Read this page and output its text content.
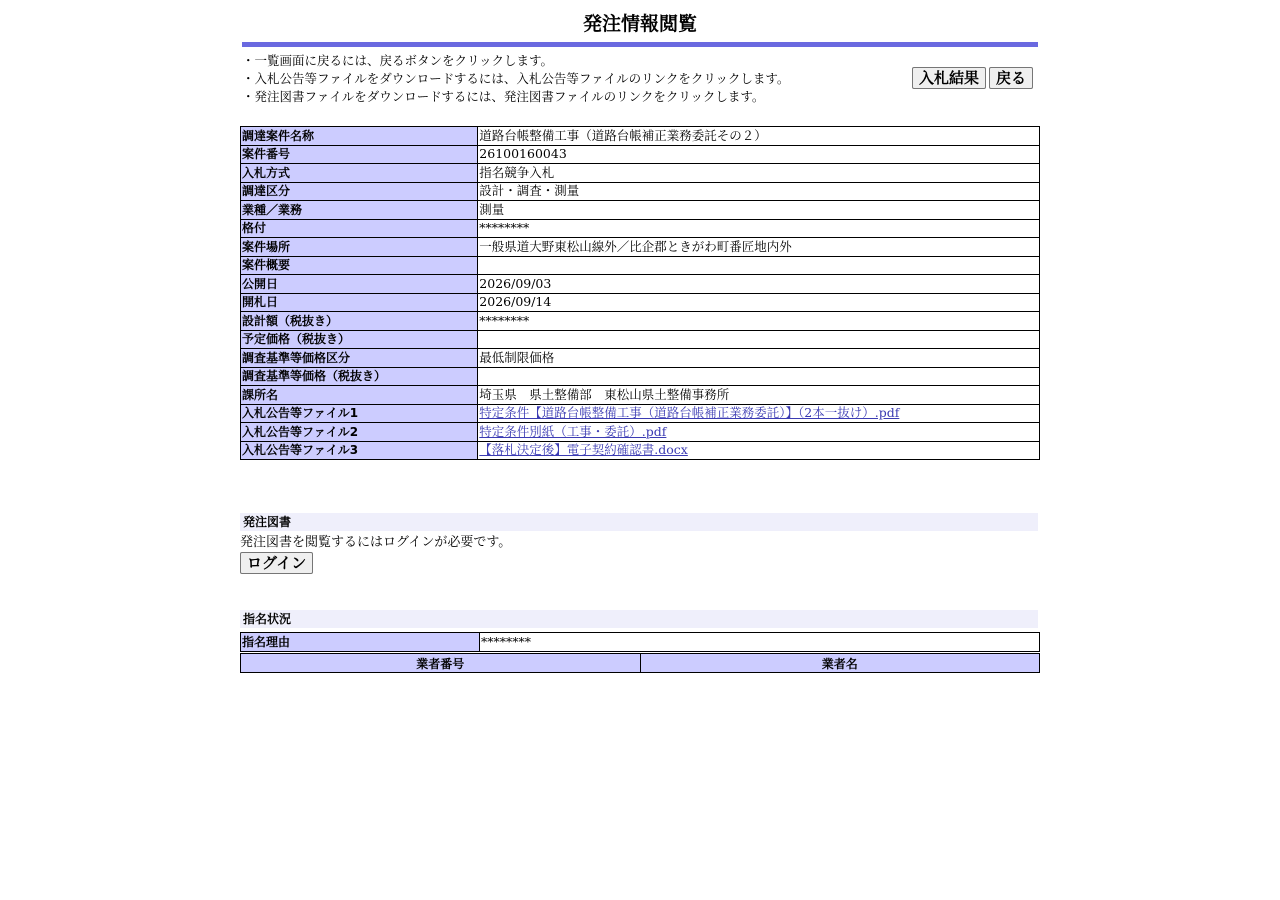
発注情報閲覧
・一覧画面に戻るには、戻るボタンをクリックします。
・入札公告等ファイルをダウンロードするには、入札公告等ファイルのリンクをクリックします。
・発注図書ファイルをダウンロードするには、発注図書ファイルのリンクをクリックします。
入札結果	戻る
調達案件名称	道路台帳整備工事（道路台帳補正業務委託その２）
案件番号	26100160043
入札方式	指名競争入札
調達区分	設計・調査・測量
業種／業務	測量
格付	********
案件場所	一般県道大野東松山線外／比企郡ときがわ町番匠地内外
案件概要	
公開日	2026/09/03
開札日	2026/09/14
設計額（税抜き）	********
予定価格（税抜き）	
調査基準等価格区分	最低制限価格
調査基準等価格（税抜き）	
課所名	埼玉県　県土整備部　東松山県土整備事務所
入札公告等ファイル1	特定条件【道路台帳整備工事（道路台帳補正業務委託）】（2本一抜け）.pdf
入札公告等ファイル2	特定条件別紙（工事・委託）.pdf
入札公告等ファイル3	【落札決定後】電子契約確認書.docx
発注図書
発注図書を閲覧するにはログインが必要です。
ログイン
指名状況
指名理由	********
業者番号	業者名
